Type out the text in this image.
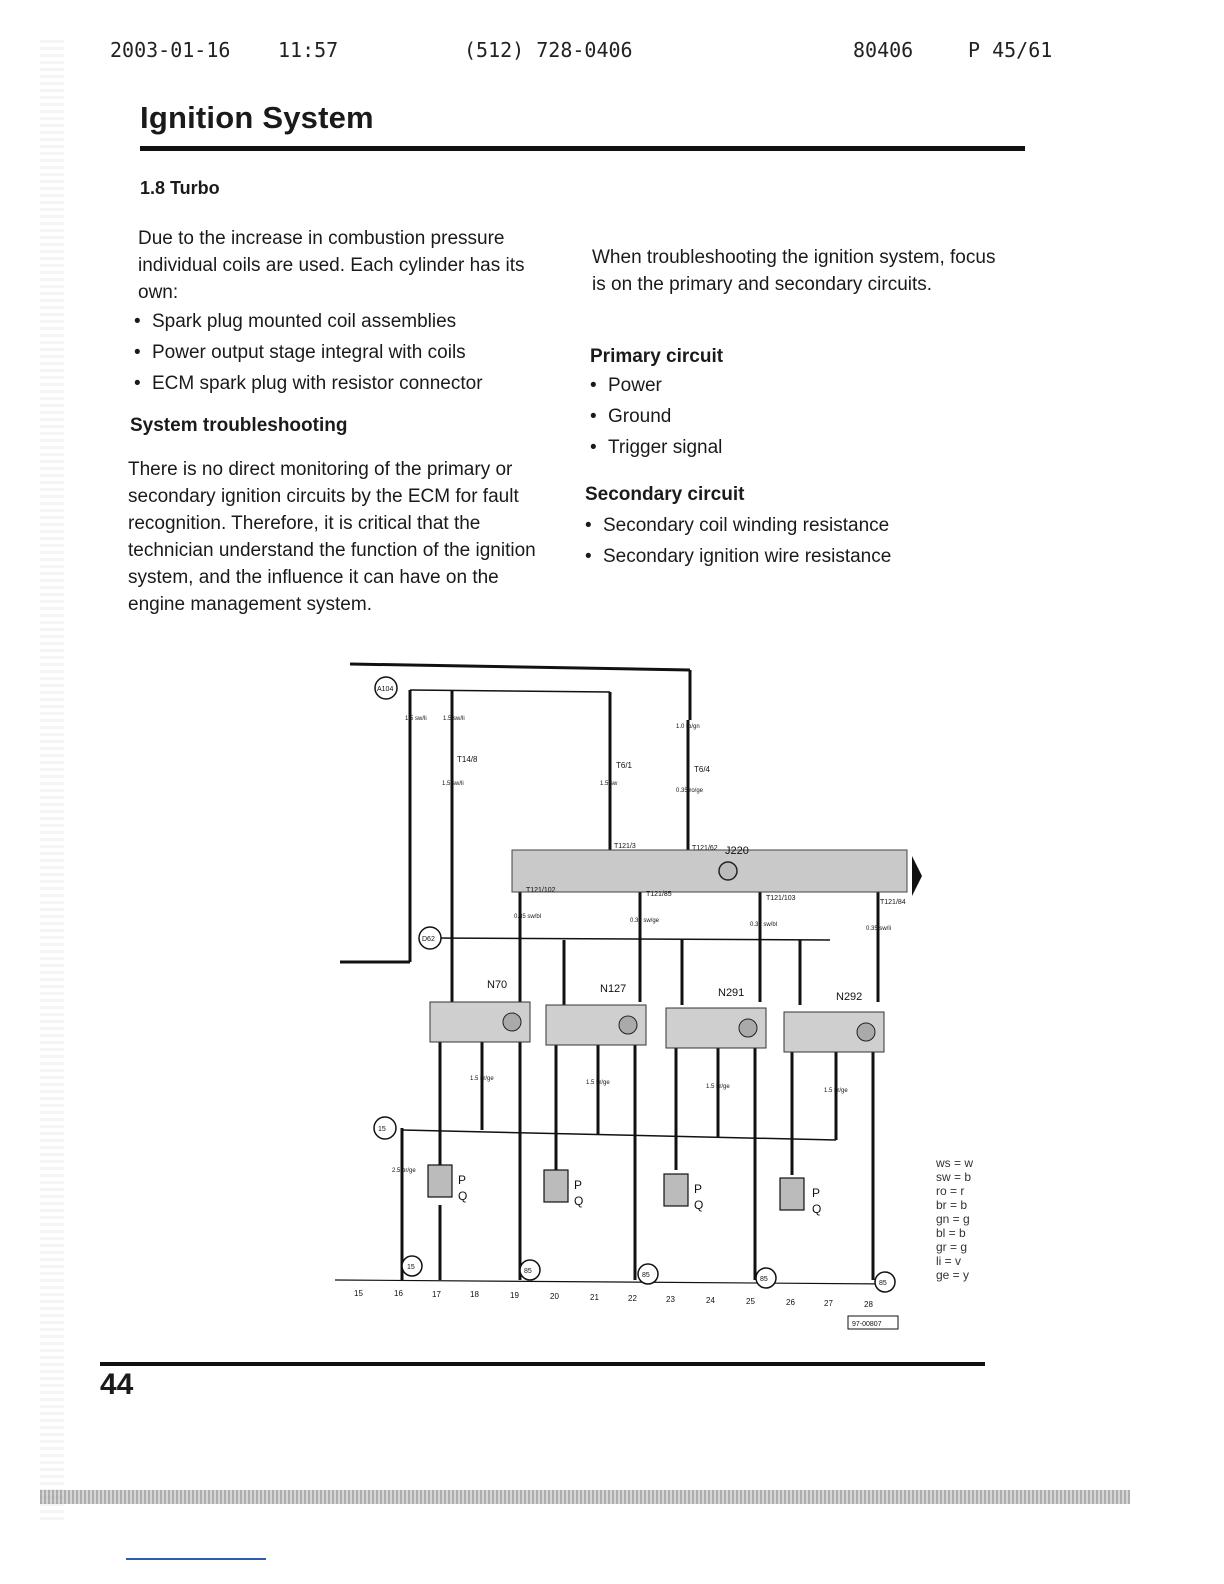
2003-01-16 11:57	(512) 728-0406	80406	P 45/61
Ignition System
1.8 Turbo

Due to the increase in combustion pressure individual coils are used. Each cylinder has its own:

• Spark plug mounted coil assemblies
• Power output stage integral with coils
• ECM spark plug with resistor connector
System troubleshooting

There is no direct monitoring of the primary or secondary ignition circuits by the ECM for fault recognition. Therefore, it is critical that the technician understand the function of the ignition system, and the influence it can have on the engine management system.

When troubleshooting the ignition system, focus is on the primary and secondary circuits.

Primary circuit
• Power
• Ground
• Trigger signal
Secondary circuit
• Secondary coil winding resistance
• Secondary ignition wire resistance
J220
N70	N127	N291	N292
P
Q
P
Q
P
Q
P
Q
A104
D62
15
T14/8
T6/1	T6/4
T121/3	T121/62
T121/102
T121/85
T121/103
T121/84
1.5 sw/li	1.5 sw/li
1.5 sw/li
1.0 ro/gn
1.5 sw
0.35 ro/ge
0.35 sw/bl
0.35 sw/ge
0.35 sw/bl
0.35 sw/li
2.5 br/ge
1.5 br/ge
1.5 br/ge
1.5 br/ge
1.5 br/ge
15
85
85
85
85
15	16	17	18	19	20	21	22	23	24	25	26	27	28
97-00807
ws = w
sw = b
ro = r
br = b
gn = g
bl = b
gr = g
li = v
ge = y
44
